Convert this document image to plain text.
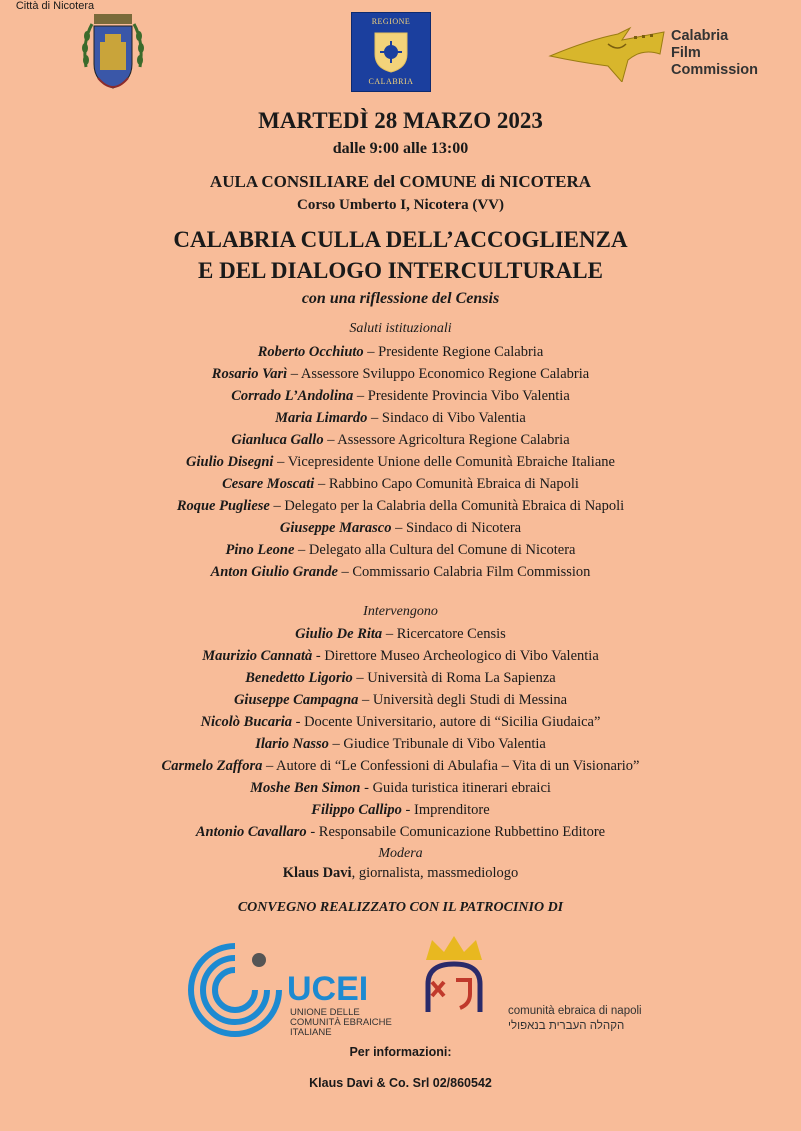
Città di Nicotera
REGIONE
CALABRIA
Calabria
Film
Commission
MARTEDÌ 28 MARZO 2023
dalle 9:00 alle 13:00
AULA CONSILIARE del COMUNE di NICOTERA
Corso Umberto I, Nicotera (VV)
CALABRIA CULLA DELL’ACCOGLIENZA
E DEL DIALOGO INTERCULTURALE
con una riflessione del Censis
Saluti istituzionali
Roberto Occhiuto – Presidente Regione Calabria
Rosario Varì – Assessore Sviluppo Economico Regione Calabria
Corrado L’Andolina – Presidente Provincia Vibo Valentia
Maria Limardo – Sindaco di Vibo Valentia
Gianluca Gallo – Assessore Agricoltura Regione Calabria
Giulio Disegni – Vicepresidente Unione delle Comunità Ebraiche Italiane
Cesare Moscati – Rabbino Capo Comunità Ebraica di Napoli
Roque Pugliese – Delegato per la Calabria della Comunità Ebraica di Napoli
Giuseppe Marasco – Sindaco di Nicotera
Pino Leone – Delegato alla Cultura del Comune di Nicotera
Anton Giulio Grande – Commissario Calabria Film Commission
Intervengono
Giulio De Rita – Ricercatore Censis
Maurizio Cannatà - Direttore Museo Archeologico di Vibo Valentia
Benedetto Ligorio – Università di Roma La Sapienza
Giuseppe Campagna – Università degli Studi di Messina
Nicolò Bucaria - Docente Universitario, autore di “Sicilia Giudaica”
Ilario Nasso – Giudice Tribunale di Vibo Valentia
Carmelo Zaffora – Autore di “Le Confessioni di Abulafia – Vita di un Visionario”
Moshe Ben Simon - Guida turistica itinerari ebraici
Filippo Callipo - Imprenditore
Antonio Cavallaro - Responsabile Comunicazione Rubbettino Editore
Modera
Klaus Davi, giornalista, massmediologo
CONVEGNO REALIZZATO CON IL PATROCINIO DI
UCEI
UNIONE DELLE
COMUNITÀ EBRAICHE
ITALIANE
comunità ebraica di napoli
הקהלה העברית בנאפולי
Per informazioni:
Klaus Davi & Co. Srl 02/860542
